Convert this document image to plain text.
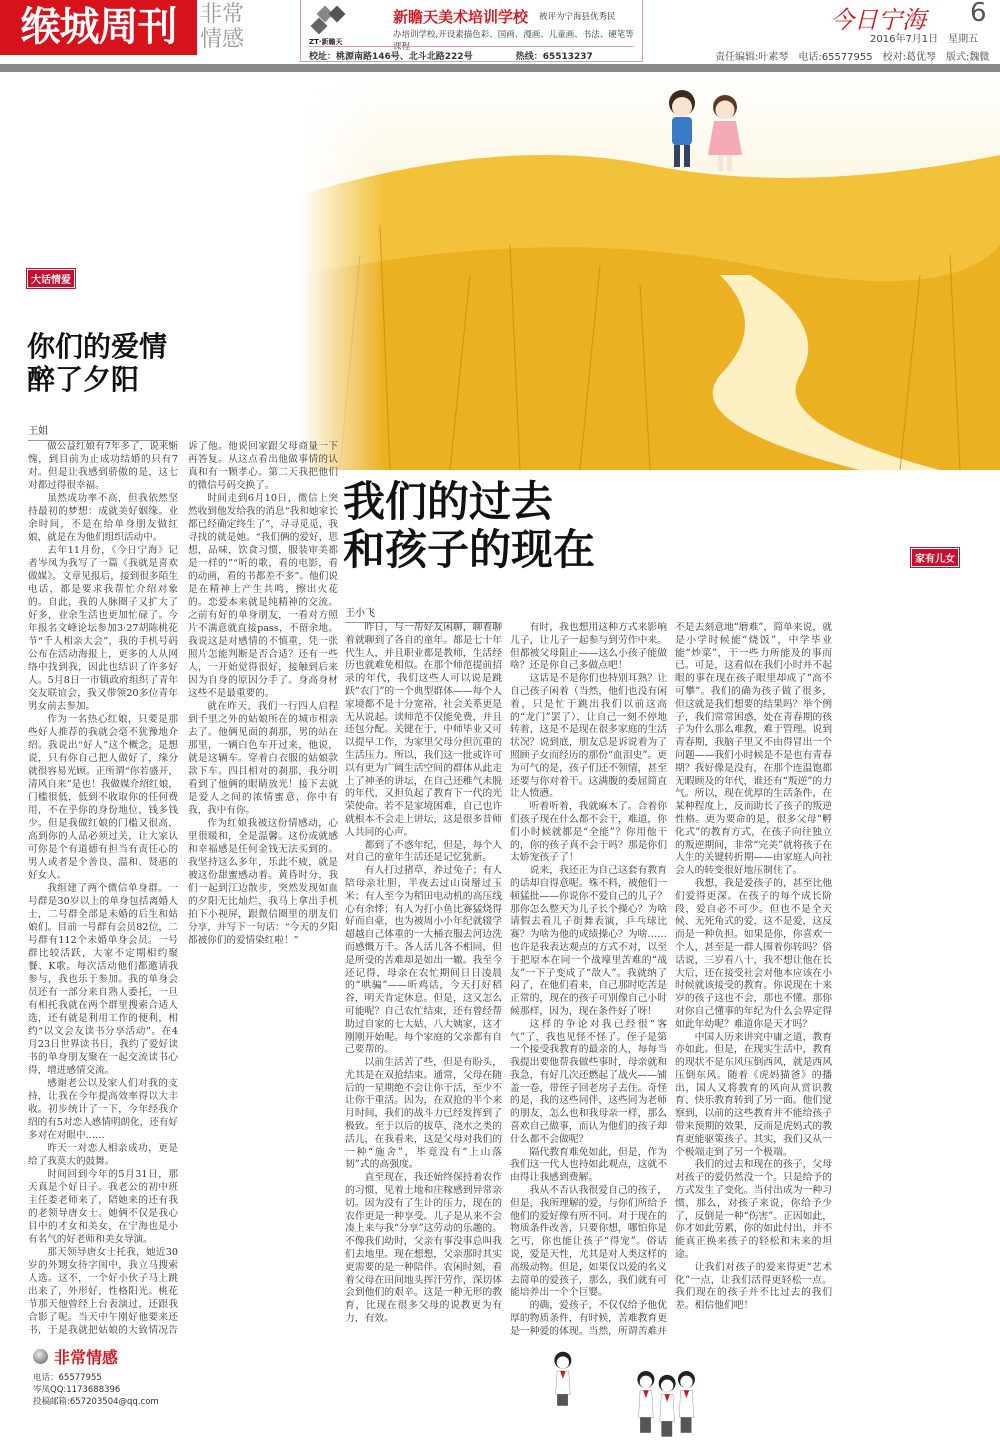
缑城周刊	非常
情感	ZT·新瞻天
新瞻天美术培训学校 被评为宁海县优秀民
办培训学校,开设素描色彩、国画、漫画、儿童画、书法、硬笔等课程
校址：桃源南路146号、北斗北路222号	热线：65513237
今日宁海 6
2016年7月1日　星期五
责任编辑:叶素琴　电话:65577955　校对:葛优琴　版式:魏微
大话情爱
你们的爱情
醉了夕阳
王姐

做公益红娘有7年多了，说来惭愧，到目前为止成功结婚的只有7对。但是让我感到骄傲的是，这七对都过得很幸福。

虽然成功率不高，但我依然坚持最初的梦想：成就美好姻缘。业余时间，不是在给单身朋友做红娘，就是在为他们组织活动中。

去年11月份，《今日宁海》记者岑凤为我写了一篇《我就是喜欢做媒》。文章见报后，接到很多陌生电话，都是要求我帮忙介绍对象的。自此，我的人脉圈子又扩大了好多，业余生活也更加忙碌了。今年报名文峰论坛参加3·27胡陈桃花节“千人相亲大会”，我的手机号码公布在活动海报上，更多的人从网络中找到我，因此也结识了许多好人。5月8日一市镇政府组织了青年交友联谊会，我又带领20多位青年男女前去参加。

作为一名热心红娘，只要是那些好人推荐的我就会毫不犹豫地介绍。我说出“好人”这个概念，是想说，只有你自己把人做好了，缘分就很容易光顾。正所谓“你若盛开，清风自来”是也！我做媒介绍红娘，门槛很低，低到不收取你的任何费用，不在乎你的身份地位，钱多钱少。但是我做红娘的门槛又很高，高到你的人品必须过关，让大家认可你是个有道德有担当有责任心的男人或者是个善良、温和、贤惠的好女人。

我组建了两个微信单身群。一号群是30岁以上的单身包括离婚人士，二号群全部是未婚的后生和姑娘们。目前一号群有会员82位，二号群有112个未婚单身会员。一号群比较活跃，大家不定期相约聚餐、K歌。每次活动他们都邀请我参与，我也乐于参加。我的单身会员还有一部分来自熟人委托，一旦有相托我就在两个群里搜索合适人选，还有就是利用工作的便利，相约“以文会友读书分享活动”。在4月23日世界读书日，我约了爱好读书的单身朋友聚在一起交流读书心得，增进感情交流。

感谢老公以及家人们对我的支持，让我在今年提高效率得以大丰收。初步统计了一下，今年经我介绍的有5对恋人感情明朗化，还有好多对在对眼中……

昨天一对恋人相亲成功，更是给了我莫大的鼓舞。

时间回到今年的5月31日，那天真是个好日子。我老公的初中班主任娄老师来了，陪她来的还有我的老领导唐女士。她俩不仅是我心目中的才女和美女，在宁海也是小有名气的好老师和美女导演。

那天领导唐女士托我，她近30岁的外甥女待字闺中，我立马搜索人选。这不，一个好小伙子马上跳出来了，外形好，性格阳光。桃花节那天他曾经上台表演过，还跟我合影了呢。当天中午刚好他要来还书，于是我就把姑娘的大致情况告诉了他。他说回家跟父母商量一下再答复。从这点看出他做事情的认真和有一颗孝心。第二天我把他们的微信号码交换了。

时间走到6月10日，微信上突然收到他发给我的消息“我和她家长都已经确定终生了”，寻寻觅觅，我寻找的就是她。“我们俩的爱好，思想，品味，饮食习惯，服装审美都是一样的”“听的歌，看的电影，看的动画，看的书都差不多”。他们说是在精神上产生共鸣，擦出火花的。恋爱本来就是纯精神的交流。之前有好的单身朋友，一看对方照片不满意就直接pass，不留余地。我说这是对感情的不慎重，凭一张照片怎能判断是否合适？还有一些人，一开始觉得很好，接触到后来因为自身的原因分手了。身高身材这些不是最重要的。

就在昨天，我们一行四人启程到千里之外的姑娘所在的城市相亲去了。他俩见面的刹那，男的站在那里，一辆白色车开过来，他说，就是这辆车。穿着白衣服的姑娘款款下车。四目相对的刹那，我分明看到了他俩的眼睛放光！接下去就是爱人之间的浓情蜜意，你中有我，我中有你。

作为红娘我被这份情感动，心里很暖和，全是温馨。这份成就感和幸福感是任何金钱无法买到的。我坚持这么多年，乐此不疲，就是被这份甜蜜感动着。黄昏时分，我们一起到江边散步，突然发现如血的夕阳无比灿烂，我马上拿出手机拍下小视屏，跟微信圈里的朋友们分享，并写下一句话：“今天的夕阳都被你们的爱情染红啦！”

我们的过去
和孩子的现在	家有儿女
王小飞

昨日，与一帮好友闲聊，聊着聊着就聊到了各自的童年。都是七十年代生人，并且职业都是教师，生活经历也就难免相似。在那个师范提前招录的年代，我们这些人可以说是跳跃“农门”的一个典型群体——每个人家境都不是十分宽裕，社会关系更是无从说起。读师范不仅能免费，并且还包分配。关键在于，中师毕业又可以提早工作，为家里父母分担沉重的生活压力。所以，我们这一批或许可以有更为广阔生活空间的群体从此走上了神圣的讲坛，在自己还稚气未脱的年代，又担负起了教育下一代的光荣使命。若不是家境困难，自己也许就根本不会走上讲坛，这是很多昔师人共同的心声。

都到了不惑年纪，但是，每个人对自己的童年生活还是记忆犹新。

有人打过猪草，养过兔子；有人陪母亲壮胆，半夜去过山岗掰过玉米；有人至今为稻田电动机的高压线心有余悸；有人为打小鱼比赛猛烧得好而自豪，也为被周小小年纪就辍学超越自己体重的一大桶衣服去河边洗而感慨万千。各人活儿各不相同，但是所受的苦难却是如出一辙。我至今还记得，母亲在农忙期间日日凌晨的“哄骗”——昕鸡话，今天打好稻谷，明天肯定休息。但是，这又怎么可能呢？自己农忙结束，还有曾经帮助过自家的七大姑、八大姨家，这才刚刚开始呢。每个家庭的父亲都有自己要帮的。

以前生活苦了些，但是有盼头，尤其是在双抢结束。通常，父母在随后的一星期绝不会让你干活，至少不让你干重活。因为，在双抢的半个来月时间，我们的战斗力已经发挥到了极致。至于以后的拔草、浇水之类的活儿，在我看来，这是父母对我们的一种“施舍”，毕竟没有“上山落韧”式的高强度。

直至现在，我还始终保持着农作的习惯，见着土地和庄稼感到异常亲切。因为没有了生计的压力，现在的农作更是一种享受。儿子是从来不会凑上来与我“分享”这劳动的乐趣的。不像我们幼时，父亲有事没事总叫我们去地里。现在想想，父亲那时其实更需要的是一种陪伴。农闲时刻，看着父母在田间地头挥汗劳作，深切体会到他们的艰辛。这是一种无形的教育，比现在很多父母的说教更为有力，有效。

有时，我也想用这种方式来影响儿子，让儿子一起参与到劳作中来。但都被父母阻止——这么小孩子能做啥？还是你自己多做点吧！

这话是不是你们也特别耳熟？让自己孩子闲着（当然，他们也没有闲着，只是忙于跳出我们以前这高的“龙门”罢了），让自己一刻不停地转着，这是不是现在很多家庭的生活状况？说到底，朋友总是诉说着为了照顾子女而经历的那份“血泪史”。更为可气的是，孩子们还不领情，甚至还要与你对着干。这满腹的委屈简直让人愤懑。

听着听着，我就麻木了。合着你们孩子现在什么都不会干，难道，你们小时候就都是“全能”？你用他干的，你的孩子真不会干吗？那是你们太娇宠孩子了！

说来，我还正为自己这套有教育的话却自得意呢。殊不料，被他们一顿猛批——你说你不爱自己的儿子？那你怎么整天为儿子长个操心？为啥请假去看儿子街舞表演，乒乓球比赛？为啥为他的成绩操心？为啥……也许是我表达观点的方式不对，以至于把原本在同一个战壕里苦难的“战友”一下子变成了“敌人”。我就纳了闷了，在他们看来，自己那时吃苦是正常的，现在的孩子可别像自己小时候那样，因为，现在条件好了呀！

这样的争论对我已经很“客气”了，我也见怪不怪了。侄子是第一个接受我教育的最亲的人，每每当我提出要他帮我做些事时，母亲就和我急，有好几次还燃起了战火——铺盖一卷，带侄子回老房子去住。奇怪的是，我的这些同伴，这些同为老师的朋友，怎么也和我母亲一样，那么喜欢自己做事，而认为他们的孩子却什么都不会做呢？

隔代教育难免如此，但是，作为我们这一代人也持如此观点，这就不由得让我感到费解。

我从不否认我很爱自己的孩子，但是，我所理解的爱，与你们所给予他们的爱好像有所不同。对于现在的物质条件改善，只要你想，哪怕你是乞丐，你也能让孩子“得宠”。俗话说，爱是天性，尤其是对人类这样的高级动物。但是，如果仅以爱的名义去简单的爱孩子，那么，我们就有可能培养出一个个巨婴。

的确，爱孩子，不仅仅给予他优厚的物质条件，有时候，苦难教育更是一种爱的体现。当然，所谓苦难并不是去刻意地“磨难”，简单来说，就是小学时候能“烧饭”，中学毕业能“炒菜”，干一些力所能及的事而已。可是，这看似在我们小时并不起眼的事在现在孩子眼里却成了“高不可攀”。我们的确为孩子做了很多，但这就是我们想要的结果吗？举个例子，我们常常困惑，处在青春期的孩子为什么那么难教，难于管理。说到青春期，我脑子里又不由得冒出一个问题——我们小时候是不是也有青春期？我好像是没有，在那个连温饱都无暇顾及的年代，谁还有“叛逆”的力气。所以，现在优厚的生活条件，在某种程度上，反而助长了孩子的叛逆性格。更为要命的是，很多父母“孵化式”的教育方式，在孩子向往独立的叛逆期间，非常“完美”就将孩子在人生的关键转折期——由家庭人向社会人的转变很好地压制住了。

我想，我是爱孩子的，甚至比他们爱得更深。在孩子的每个成长阶段，爱自必不可少。但也不是全天候、无死角式的爱，这不是爱，这反而是一种负担。如果是你，你喜欢一个人，甚至是一群人围着你转吗？俗话说，三岁看八十，我不想让他在长大后，还在接受社会对他本应该在小时候就该接受的教育。你说现在十来岁的孩子这也不会，那也不懂。那你对你自己懂事的年纪为什么会界定得如此年幼呢？难道你是天才吗？

中国人历来讲究中庸之道，教育亦如此。但是，在现实生活中，教育的现状不是东风压倒西风，就是西风压倒东风。随着《虎妈猫爸》的播出，国人又将教育的风向从赏识教育、快乐教育转到了另一面。他们觉察到，以前的这些教育并不能给孩子带来预期的效果，反而是虎妈式的教育更能驱策孩子。其实，我们又从一个极端走到了另一个极端。

我们的过去和现在的孩子，父母对孩子的爱仍然没一个。只是给予的方式发生了变化。当付出成为一种习惯，那么，对孩子来说，你给予少了，反倒是一种“伤害”。正因如此，你才如此劳累，你的如此付出，并不能真正换来孩子的轻松和未来的坦途。

让我们对孩子的爱来得更“艺术化”一点，让我们活得更轻松一点。我们现在的孩子并不比过去的我们差。相信他们吧！

非常情感
电话：65577955
岑凤QQ:1173688396
投稿邮箱:657203504@qq.com
